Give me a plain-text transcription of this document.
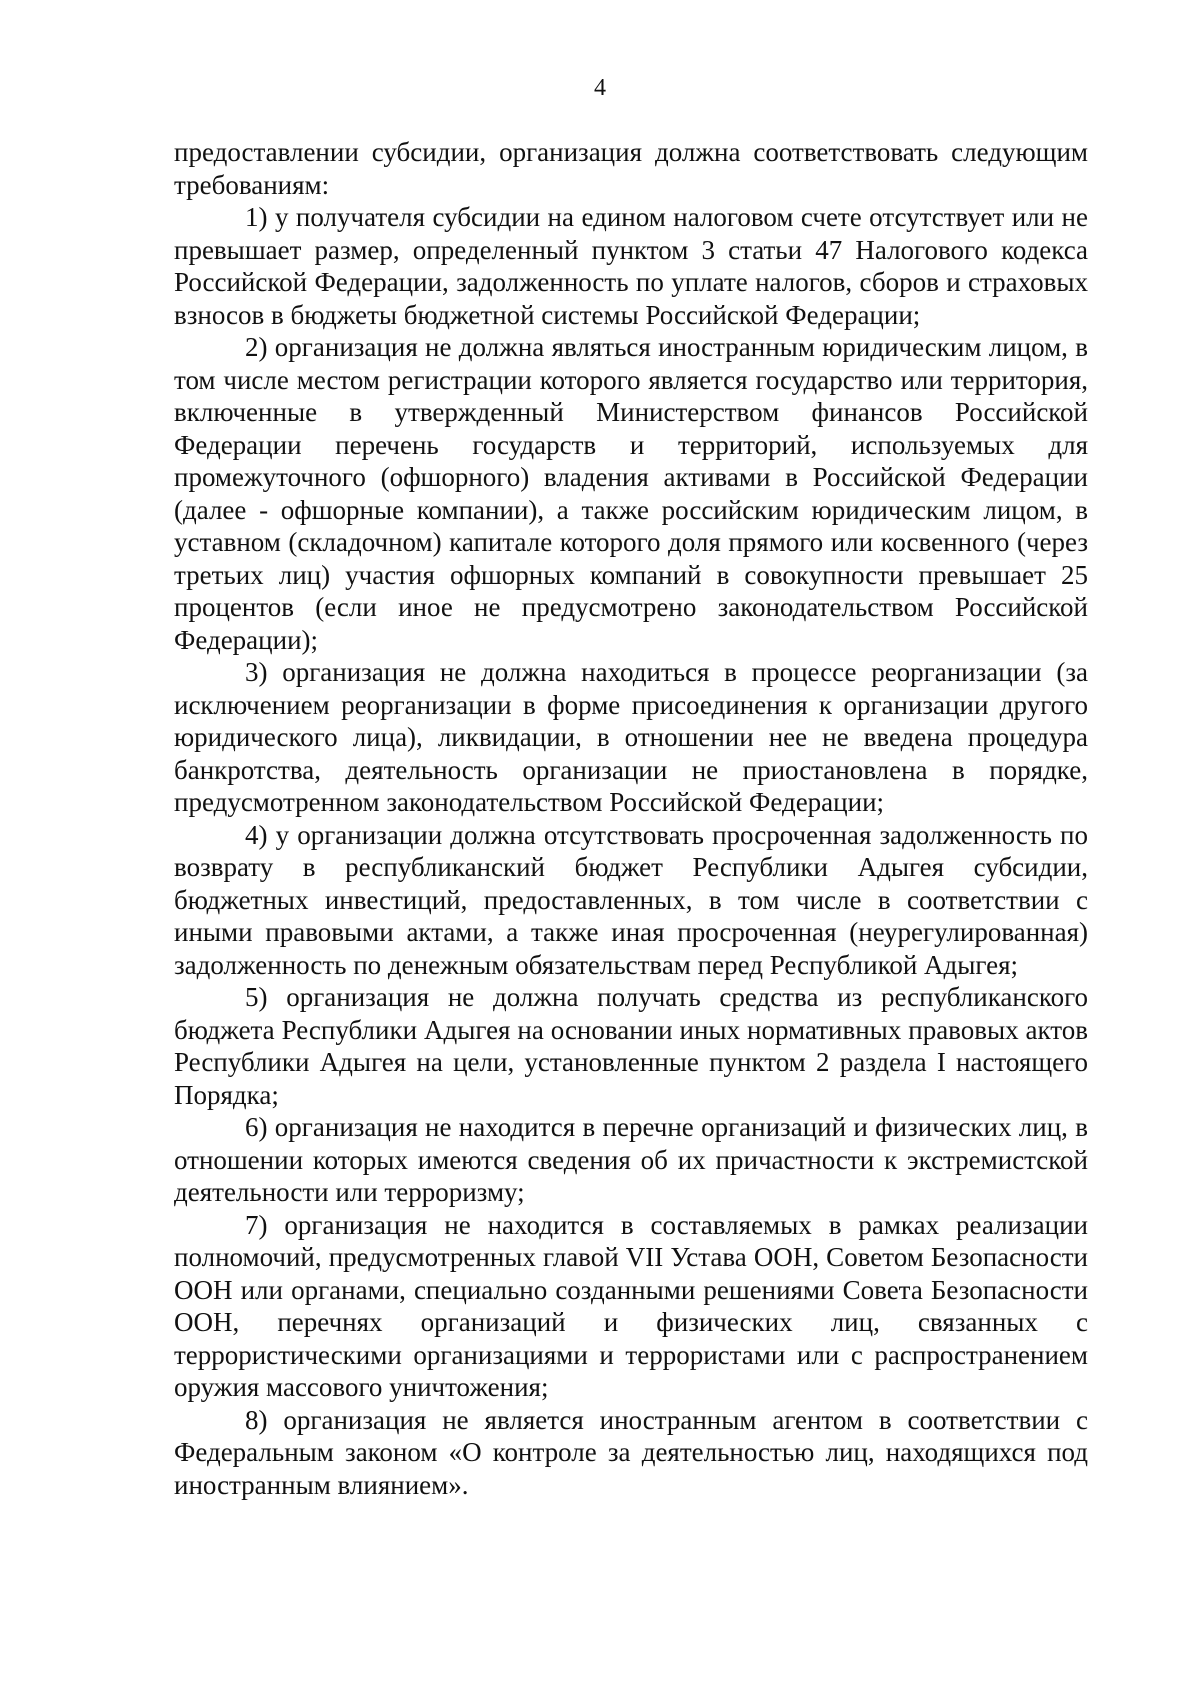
4

предоставлении субсидии, организация должна соответствовать следующим требованиям:

1) у получателя субсидии на едином налоговом счете отсутствует или не превышает размер, определенный пунктом 3 статьи 47 Налогового кодекса Российской Федерации, задолженность по уплате налогов, сборов и страховых взносов в бюджеты бюджетной системы Российской Федерации;

2) организация не должна являться иностранным юридическим лицом, в том числе местом регистрации которого является государство или территория, включенные в утвержденный Министерством финансов Российской Федерации перечень государств и территорий, используемых для промежуточного (офшорного) владения активами в Российской Федерации (далее - офшорные компании), а также российским юридическим лицом, в уставном (складочном) капитале которого доля прямого или косвенного (через третьих лиц) участия офшорных компаний в совокупности превышает 25 процентов (если иное не предусмотрено законодательством Российской Федерации);

3) организация не должна находиться в процессе реорганизации (за исключением реорганизации в форме присоединения к организации другого юридического лица), ликвидации, в отношении нее не введена процедура банкротства, деятельность организации не приостановлена в порядке, предусмотренном законодательством Российской Федерации;

4) у организации должна отсутствовать просроченная задолженность по возврату в республиканский бюджет Республики Адыгея субсидии, бюджетных инвестиций, предоставленных, в том числе в соответствии с иными правовыми актами, а также иная просроченная (неурегулированная) задолженность по денежным обязательствам перед Республикой Адыгея;

5) организация не должна получать средства из республиканского бюджета Республики Адыгея на основании иных нормативных правовых актов Республики Адыгея на цели, установленные пунктом 2 раздела I настоящего Порядка;

6) организация не находится в перечне организаций и физических лиц, в отношении которых имеются сведения об их причастности к экстремистской деятельности или терроризму;

7) организация не находится в составляемых в рамках реализации полномочий, предусмотренных главой VII Устава ООН, Советом Безопасности ООН или органами, специально созданными решениями Совета Безопасности ООН, перечнях организаций и физических лиц, связанных с террористическими организациями и террористами или с распространением оружия массового уничтожения;

8) организация не является иностранным агентом в соответствии с Федеральным законом «О контроле за деятельностью лиц, находящихся под иностранным влиянием».
